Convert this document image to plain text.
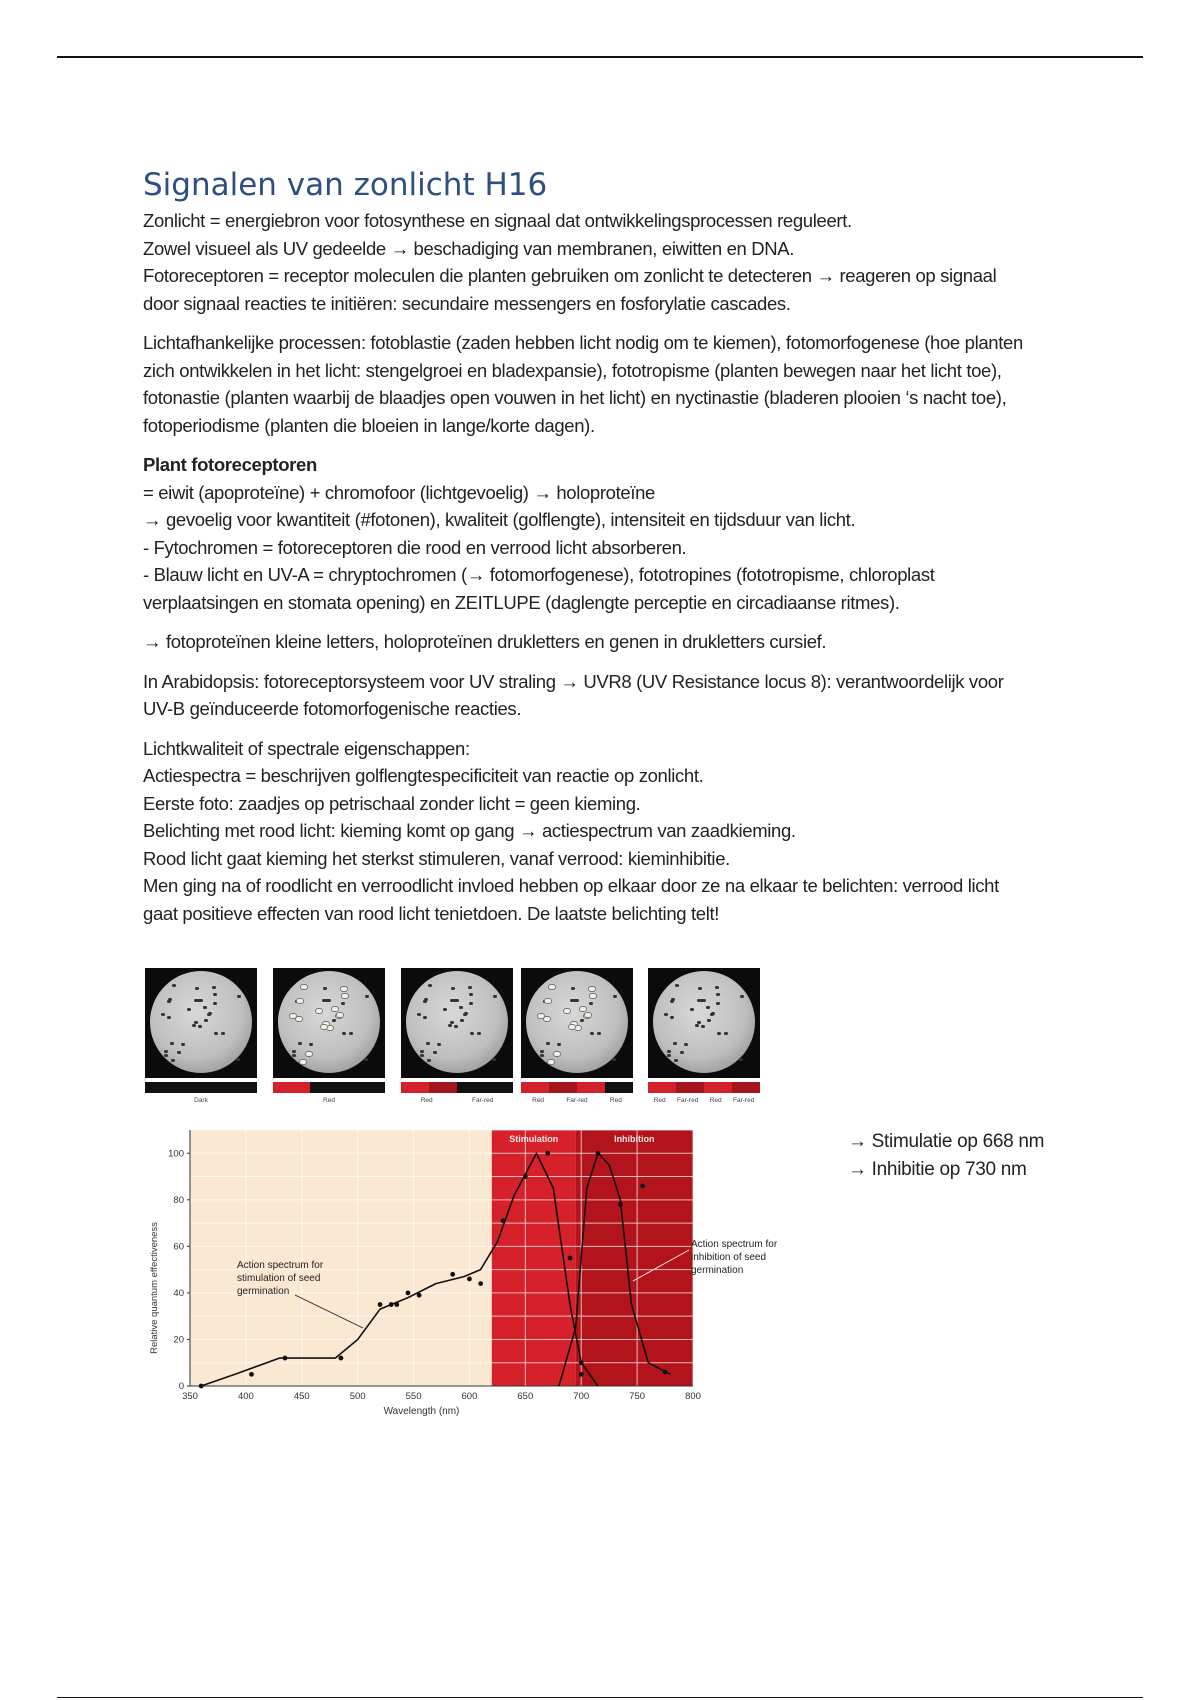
Signalen van zonlicht H16

Zonlicht = energiebron voor fotosynthese en signaal dat ontwikkelingsprocessen reguleert.
Zowel visueel als UV gedeelde → beschadiging van membranen, eiwitten en DNA.
Fotoreceptoren = receptor moleculen die planten gebruiken om zonlicht te detecteren → reageren op signaal
door signaal reacties te initiëren: secundaire messengers en fosforylatie cascades.

Lichtafhankelijke processen: fotoblastie (zaden hebben licht nodig om te kiemen), fotomorfogenese (hoe planten
zich ontwikkelen in het licht: stengelgroei en bladexpansie), fototropisme (planten bewegen naar het licht toe),
fotonastie (planten waarbij de blaadjes open vouwen in het licht) en nyctinastie (bladeren plooien ‘s nacht toe),
fotoperiodisme (planten die bloeien in lange/korte dagen).

Plant fotoreceptoren
= eiwit (apoproteïne) + chromofoor (lichtgevoelig) → holoproteïne
→ gevoelig voor kwantiteit (#fotonen), kwaliteit (golflengte), intensiteit en tijdsduur van licht.
- Fytochromen = fotoreceptoren die rood en verrood licht absorberen.
- Blauw licht en UV-A = chryptochromen (→ fotomorfogenese), fototropines (fototropisme, chloroplast
verplaatsingen en stomata opening) en ZEITLUPE (daglengte perceptie en circadiaanse ritmes).

→ fotoproteïnen kleine letters, holoproteïnen drukletters en genen in drukletters cursief.

In Arabidopsis: fotoreceptorsysteem voor UV straling → UVR8 (UV Resistance locus 8): verantwoordelijk voor
UV-B geïnduceerde fotomorfogenische reacties.

Lichtkwaliteit of spectrale eigenschappen:
Actiespectra = beschrijven golflengtespecificiteit van reactie op zonlicht.
Eerste foto: zaadjes op petrischaal zonder licht = geen kieming.
Belichting met rood licht: kieming komt op gang → actiespectrum van zaadkieming.
Rood licht gaat kieming het sterkst stimuleren, vanaf verrood: kieminhibitie.
Men ging na of roodlicht en verroodlicht invloed hebben op elkaar door ze na elkaar te belichten: verrood licht
gaat positieve effecten van rood licht tenietdoen. De laatste belichting telt!

Dark	Red	Red	Far-red	Red	Far-red	Red	Red Far-red Red Far-red
Stimulation	Inhibition
350	400	450	500	550	600	650	700	750	800
0
20
40
60
80
100
Wavelength (nm)
Relative quantum effectiveness	Action spectrum for
stimulation of seed
germination
Action spectrum for
inhibition of seed
germination
→ Stimulatie op 668 nm
→ Inhibitie op 730 nm
